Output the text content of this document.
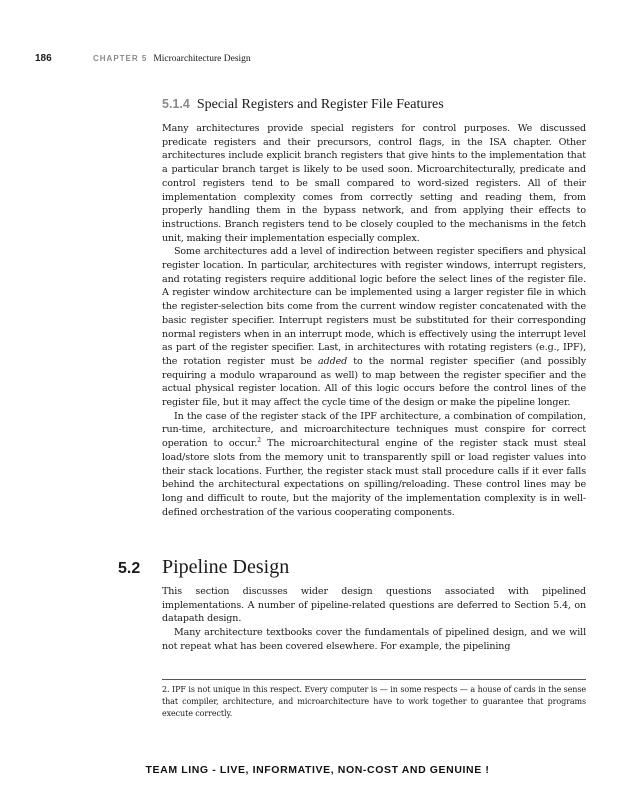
186	CHAPTER 5 Microarchitecture Design
5.1.4 Special Registers and Register File Features

Many architectures provide special registers for control purposes. We discussed predicate registers and their precursors, control flags, in the ISA chapter. Other architectures include explicit branch registers that give hints to the implementation that a particular branch target is likely to be used soon. Microarchitecturally, predicate and control registers tend to be small compared to word-sized registers. All of their implementation complexity comes from correctly setting and reading them, from properly handling them in the bypass network, and from applying their effects to instructions. Branch registers tend to be closely coupled to the mechanisms in the fetch unit, making their implementation especially complex.

Some architectures add a level of indirection between register specifiers and physical register location. In particular, architectures with register windows, interrupt registers, and rotating registers require additional logic before the select lines of the register file. A register window architecture can be implemented using a larger register file in which the register-selection bits come from the current window register concatenated with the basic register specifier. Interrupt registers must be substituted for their corresponding normal registers when in an interrupt mode, which is effectively using the interrupt level as part of the register specifier. Last, in architectures with rotating registers (e.g., IPF), the rotation register must be added to the normal register specifier (and possibly requiring a modulo wraparound as well) to map between the register specifier and the actual physical register location. All of this logic occurs before the control lines of the register file, but it may affect the cycle time of the design or make the pipeline longer.

In the case of the register stack of the IPF architecture, a combination of compilation, run-time, architecture, and microarchitecture techniques must conspire for correct operation to occur.$^2$ The microarchitectural engine of the register stack must steal load/store slots from the memory unit to transparently spill or load register values into their stack locations. Further, the register stack must stall procedure calls if it ever falls behind the architectural expectations on spilling/reloading. These control lines may be long and difficult to route, but the majority of the implementation complexity is in well-defined orchestration of the various cooperating components.

5.2 Pipeline Design

This section discusses wider design questions associated with pipelined implementations. A number of pipeline-related questions are deferred to Section 5.4, on datapath design.

Many architecture textbooks cover the fundamentals of pipelined design, and we will not repeat what has been covered elsewhere. For example, the pipelining

2. IPF is not unique in this respect. Every computer is — in some respects — a house of cards in the sense that compiler, architecture, and microarchitecture have to work together to guarantee that programs execute correctly.
TEAM LING - LIVE, INFORMATIVE, NON-COST AND GENUINE !
